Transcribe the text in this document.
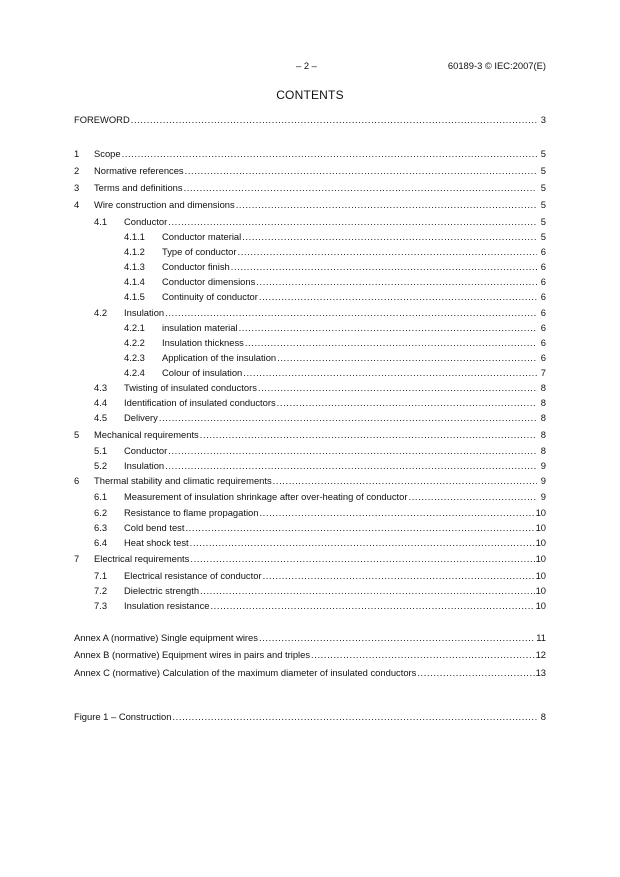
– 2 –	60189-3 © IEC:2007(E)
CONTENTS
FOREWORD .....	3
1 Scope .....	5
2 Normative references .....	5
3 Terms and definitions .....	5
4 Wire construction and dimensions .....	5
4.1 Conductor .....	5
4.1.1 Conductor material .....	5
4.1.2 Type of conductor .....	6
4.1.3 Conductor finish .....	6
4.1.4 Conductor dimensions .....	6
4.1.5 Continuity of conductor .....	6
4.2 Insulation .....	6
4.2.1 insulation material .....	6
4.2.2 Insulation thickness .....	6
4.2.3 Application of the insulation .....	6
4.2.4 Colour of insulation .....	7
4.3 Twisting of insulated conductors .....	8
4.4 Identification of insulated conductors .....	8
4.5 Delivery .....	8
5 Mechanical requirements .....	8
5.1 Conductor .....	8
5.2 Insulation .....	9
6 Thermal stability and climatic requirements .....	9
6.1 Measurement of insulation shrinkage after over-heating of conductor .....	9
6.2 Resistance to flame propagation .....	10
6.3 Cold bend test .....	10
6.4 Heat shock test .....	10
7 Electrical requirements .....	10
7.1 Electrical resistance of conductor .....	10
7.2 Dielectric strength .....	10
7.3 Insulation resistance .....	10
Annex A (normative) Single equipment wires .....	11
Annex B (normative) Equipment wires in pairs and triples .....	12
Annex C (normative) Calculation of the maximum diameter of insulated conductors .....	13
Figure 1 – Construction .....	8
